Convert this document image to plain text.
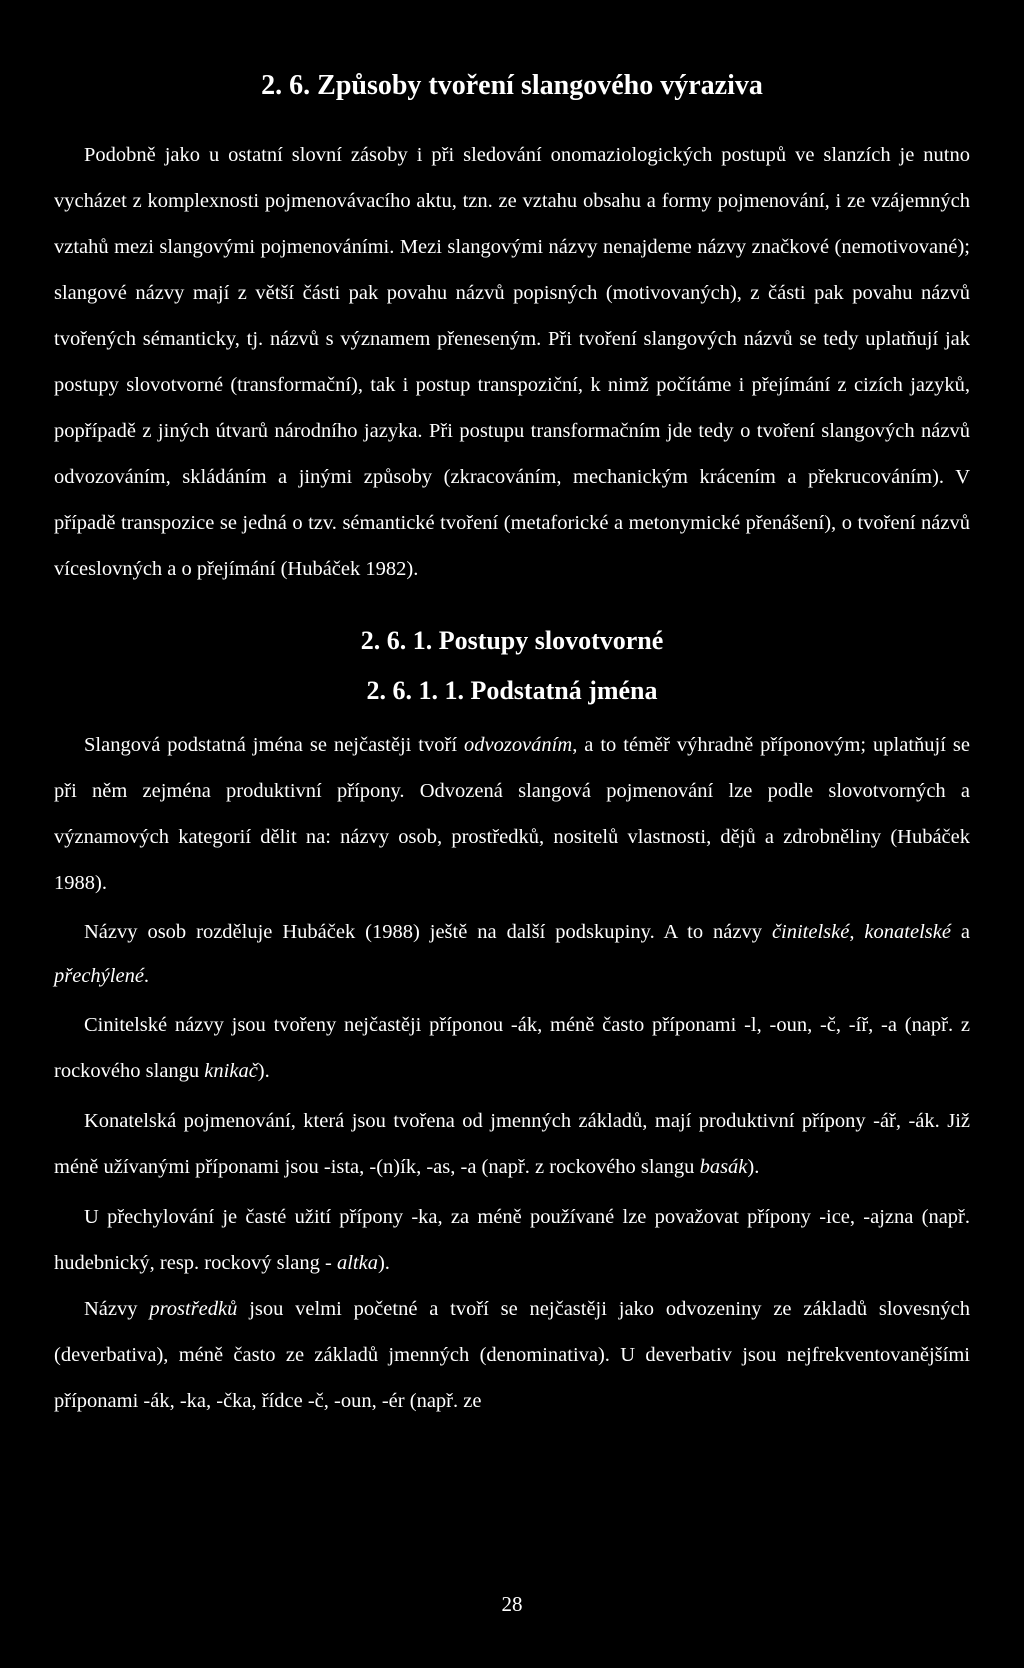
2. 6. Způsoby tvoření slangového výraziva

Podobně jako u ostatní slovní zásoby i při sledování onomaziologických postupů ve slanzích je nutno vycházet z komplexnosti pojmenovávacího aktu, tzn. ze vztahu obsahu a formy pojmenování, i ze vzájemných vztahů mezi slangovými pojmenováními. Mezi slangovými názvy nenajdeme názvy značkové (nemotivované); slangové názvy mají z větší části pak povahu názvů popisných (motivovaných), z části pak povahu názvů tvořených sémanticky, tj. názvů s významem přeneseným. Při tvoření slangových názvů se tedy uplatňují jak postupy slovotvorné (transformační), tak i postup transpoziční, k nimž počítáme i přejímání z cizích jazyků, popřípadě z jiných útvarů národního jazyka. Při postupu transformačním jde tedy o tvoření slangových názvů odvozováním, skládáním a jinými způsoby (zkracováním, mechanickým krácením a překrucováním). V případě transpozice se jedná o tzv. sémantické tvoření (metaforické a metonymické přenášení), o tvoření názvů víceslovných a o přejímání (Hubáček 1982).

2. 6. 1. Postupy slovotvorné
2. 6. 1. 1. Podstatná jména

Slangová podstatná jména se nejčastěji tvoří odvozováním, a to téměř výhradně příponovým; uplatňují se při něm zejména produktivní přípony. Odvozená slangová pojmenování lze podle slovotvorných a významových kategorií dělit na: názvy osob, prostředků, nositelů vlastnosti, dějů a zdrobněliny (Hubáček 1988).

Názvy osob rozděluje Hubáček (1988) ještě na další podskupiny. A to názvy činitelské, konatelské a přechýlené.

Cinitelské názvy jsou tvořeny nejčastěji příponou -ák, méně často příponami -l, -oun, -č, -íř, -a (např. z rockového slangu knikač).

Konatelská pojmenování, která jsou tvořena od jmenných základů, mají produktivní přípony -ář, -ák. Již méně užívanými příponami jsou -ista, -(n)ík, -as, -a (např. z rockového slangu basák).

U přechylování je časté užití přípony -ka, za méně používané lze považovat přípony -ice, -ajzna (např. hudebnický, resp. rockový slang - altka).

Názvy prostředků jsou velmi početné a tvoří se nejčastěji jako odvozeniny ze základů slovesných (deverbativa), méně často ze základů jmenných (denominativa). U deverbativ jsou nejfrekventovanějšími příponami -ák, -ka, -čka, řídce -č, -oun, -ér (např. ze

28
